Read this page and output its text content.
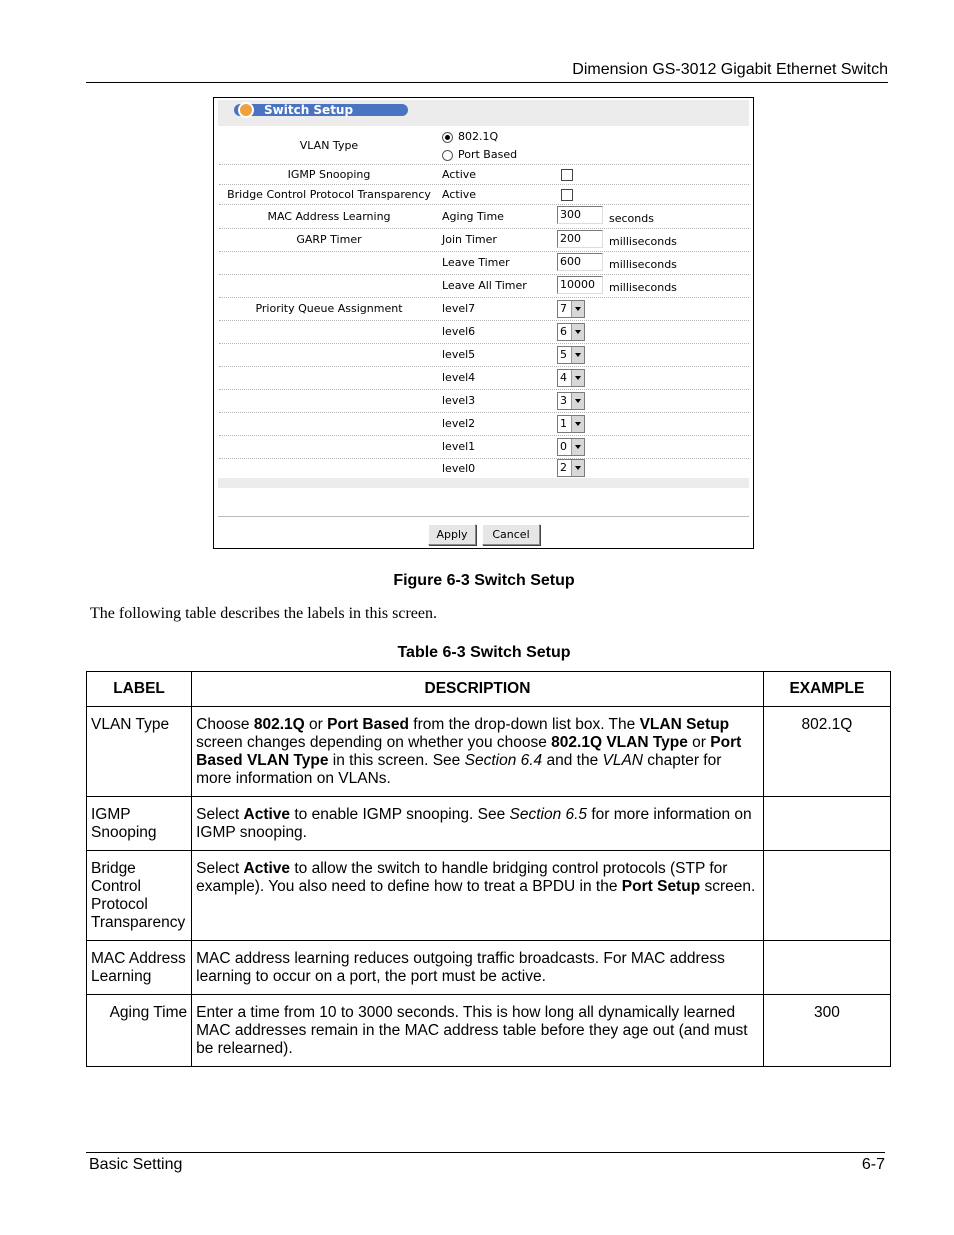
Dimension GS-3012 Gigabit Ethernet Switch
Switch Setup
VLAN Type
802.1Q
Port Based
IGMP Snooping	Active
Bridge Control Protocol Transparency	Active
MAC Address Learning	Aging Time	300	seconds
GARP Timer	Join Timer	200	milliseconds
Leave Timer	600	milliseconds
Leave All Timer	10000	milliseconds
Priority Queue Assignment	level7	7
level6	6
level5	5
level4	4
level3	3
level2	1
level1	0
level0	2
Apply	Cancel
Figure 6-3 Switch Setup
The following table describes the labels in this screen.
Table 6-3 Switch Setup
LABEL	DESCRIPTION	EXAMPLE
VLAN Type	Choose 802.1Q or Port Based from the drop-down list box. The VLAN Setup screen changes depending on whether you choose 802.1Q VLAN Type or Port Based VLAN Type in this screen. See Section 6.4 and the VLAN chapter for more information on VLANs.	802.1Q
IGMP Snooping	Select Active to enable IGMP snooping. See Section 6.5 for more information on IGMP snooping.	
Bridge Control Protocol Transparency	Select Active to allow the switch to handle bridging control protocols (STP for example). You also need to define how to treat a BPDU in the Port Setup screen.	
MAC Address Learning	MAC address learning reduces outgoing traffic broadcasts. For MAC address learning to occur on a port, the port must be active.	
Aging Time	Enter a time from 10 to 3000 seconds. This is how long all dynamically learned MAC addresses remain in the MAC address table before they age out (and must be relearned).	300
Basic Setting	6-7
